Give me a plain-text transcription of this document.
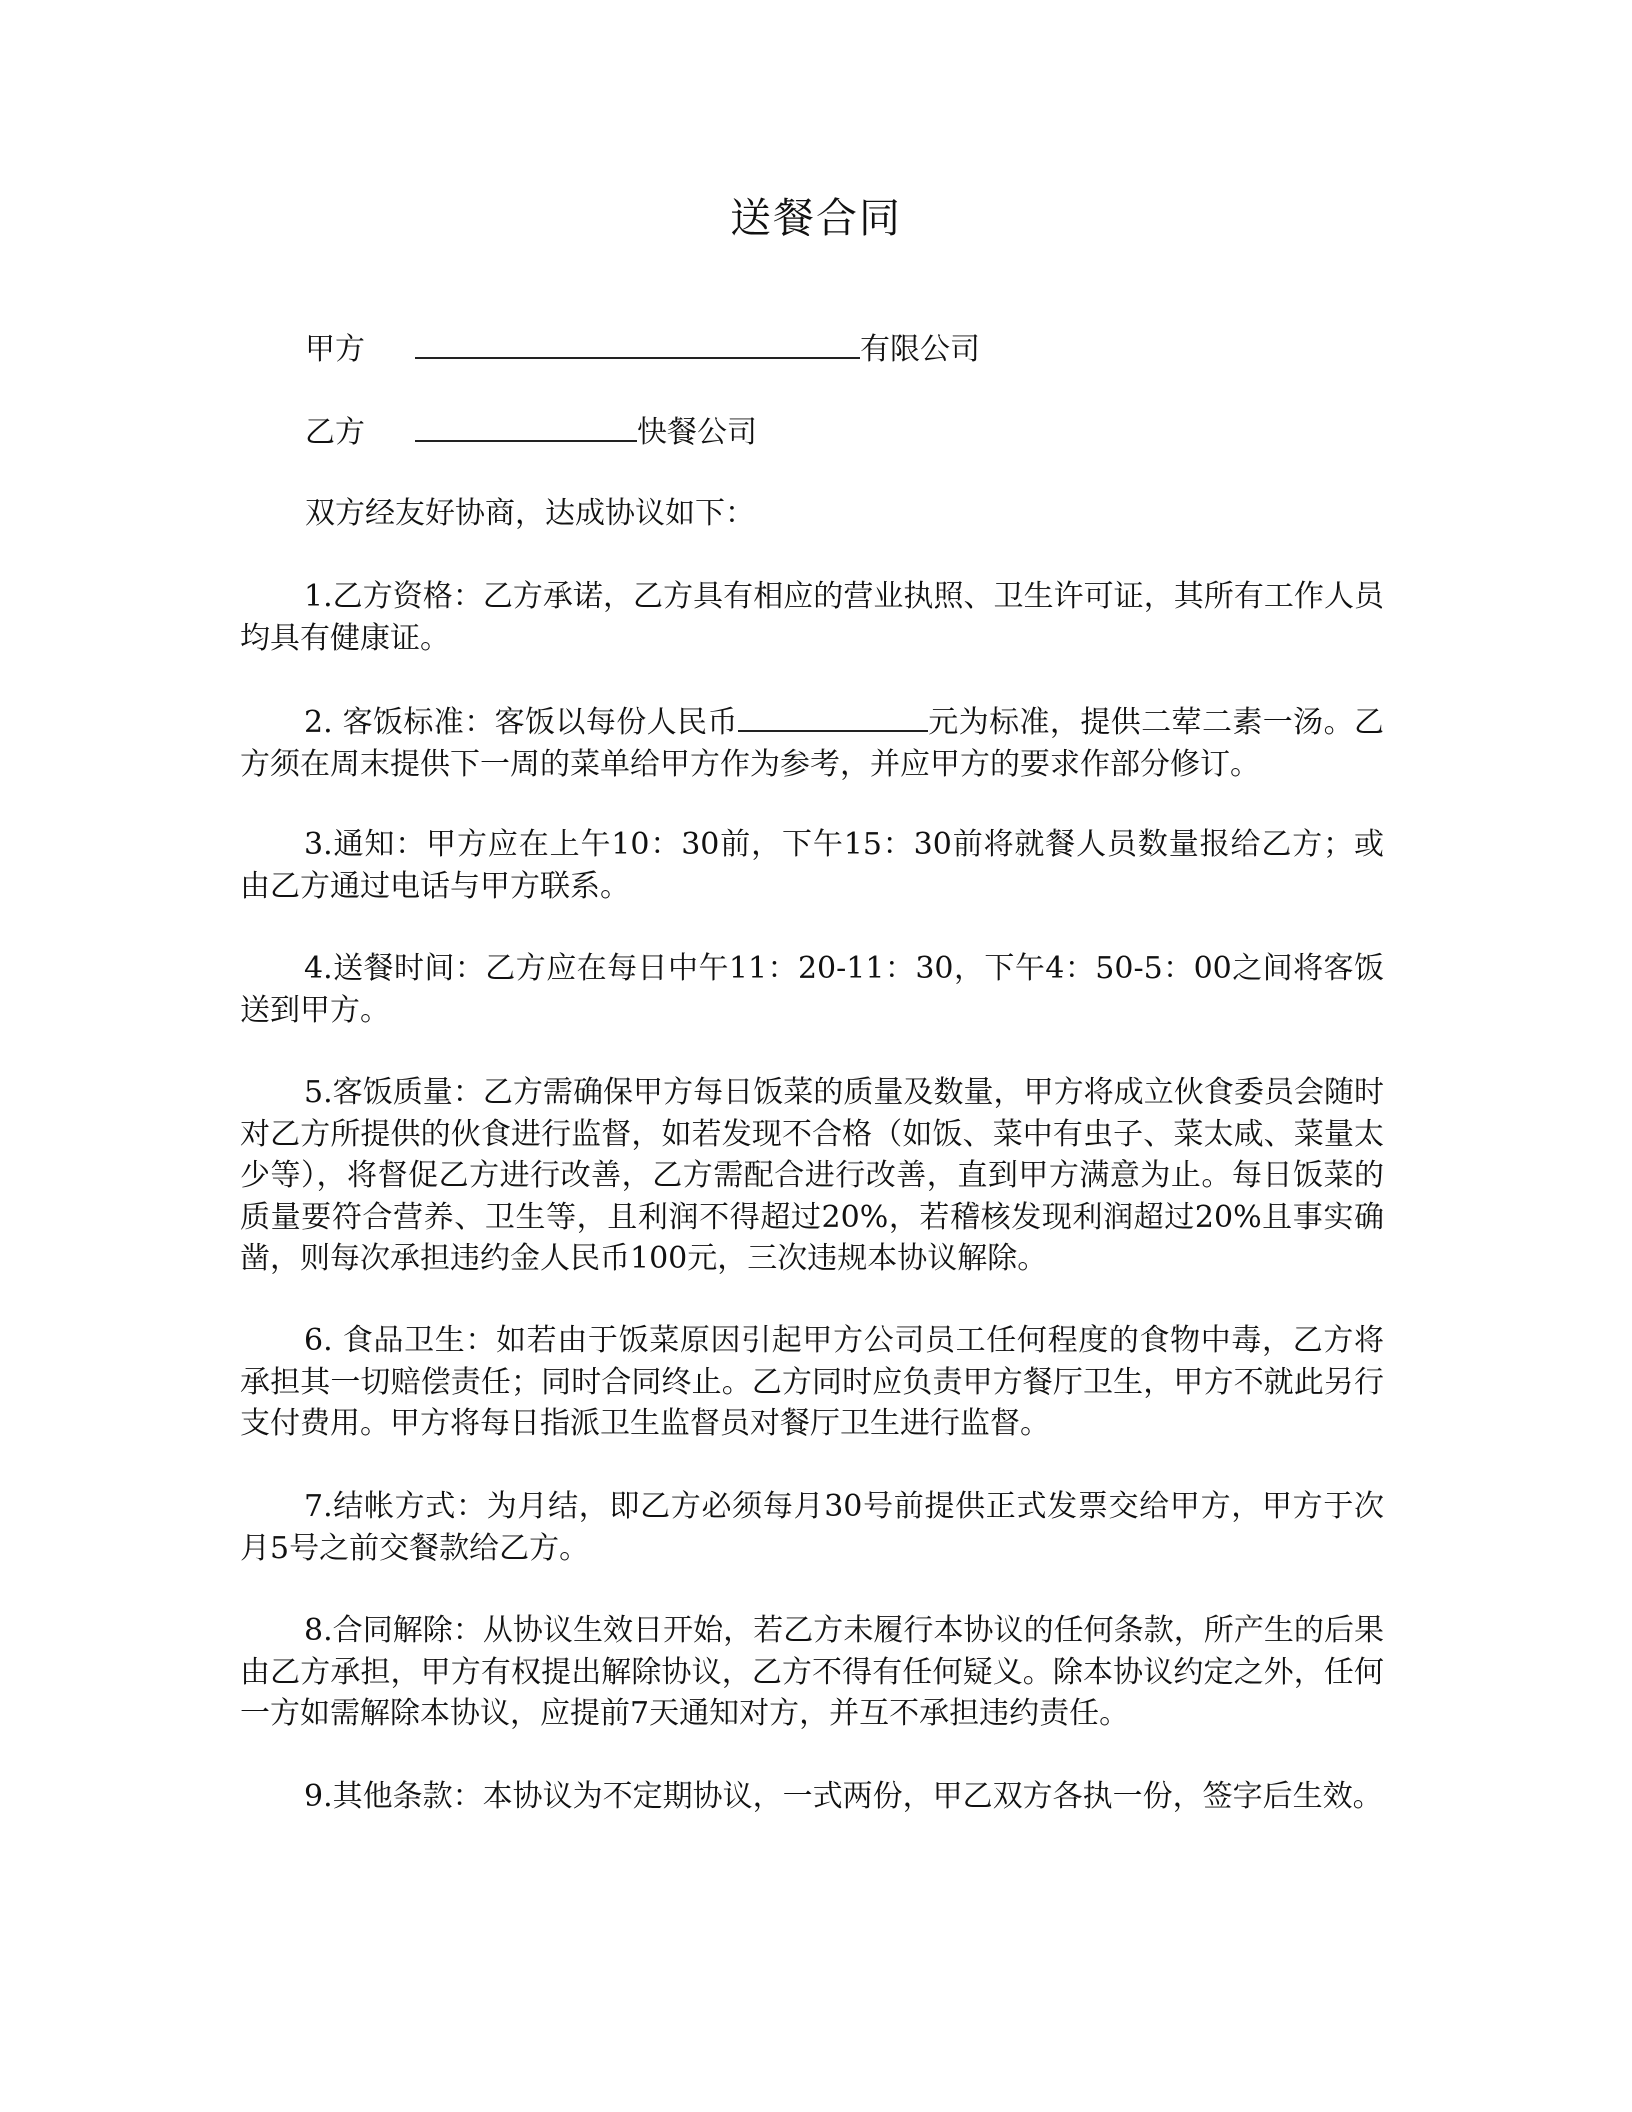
送餐合同
甲方	有限公司
乙方	快餐公司
双方经友好协商，达成协议如下：

1.乙方资格：乙方承诺，乙方具有相应的营业执照、卫生许可证，其所有工作人员均具有健康证。

2. 客饭标准：客饭以每份人民币	元为标准，提供二荤二素一汤。乙方须在周末提供下一周的菜单给甲方作为参考，并应甲方的要求作部分修订。

3.通知：甲方应在上午10：30前，下午15：30前将就餐人员数量报给乙方；或由乙方通过电话与甲方联系。

4.送餐时间：乙方应在每日中午11：20-11：30，下午4：50-5：00之间将客饭送到甲方。

5.客饭质量：乙方需确保甲方每日饭菜的质量及数量，甲方将成立伙食委员会随时对乙方所提供的伙食进行监督，如若发现不合格（如饭、菜中有虫子、菜太咸、菜量太少等），将督促乙方进行改善，乙方需配合进行改善，直到甲方满意为止。每日饭菜的质量要符合营养、卫生等，且利润不得超过20%，若稽核发现利润超过20%且事实确凿，则每次承担违约金人民币100元，三次违规本协议解除。

6. 食品卫生：如若由于饭菜原因引起甲方公司员工任何程度的食物中毒，乙方将承担其一切赔偿责任；同时合同终止。乙方同时应负责甲方餐厅卫生，甲方不就此另行支付费用。甲方将每日指派卫生监督员对餐厅卫生进行监督。

7.结帐方式：为月结，即乙方必须每月30号前提供正式发票交给甲方，甲方于次月5号之前交餐款给乙方。

8.合同解除：从协议生效日开始，若乙方未履行本协议的任何条款，所产生的后果由乙方承担，甲方有权提出解除协议，乙方不得有任何疑义。除本协议约定之外，任何一方如需解除本协议，应提前7天通知对方，并互不承担违约责任。

9.其他条款：本协议为不定期协议，一式两份，甲乙双方各执一份，签字后生效。
